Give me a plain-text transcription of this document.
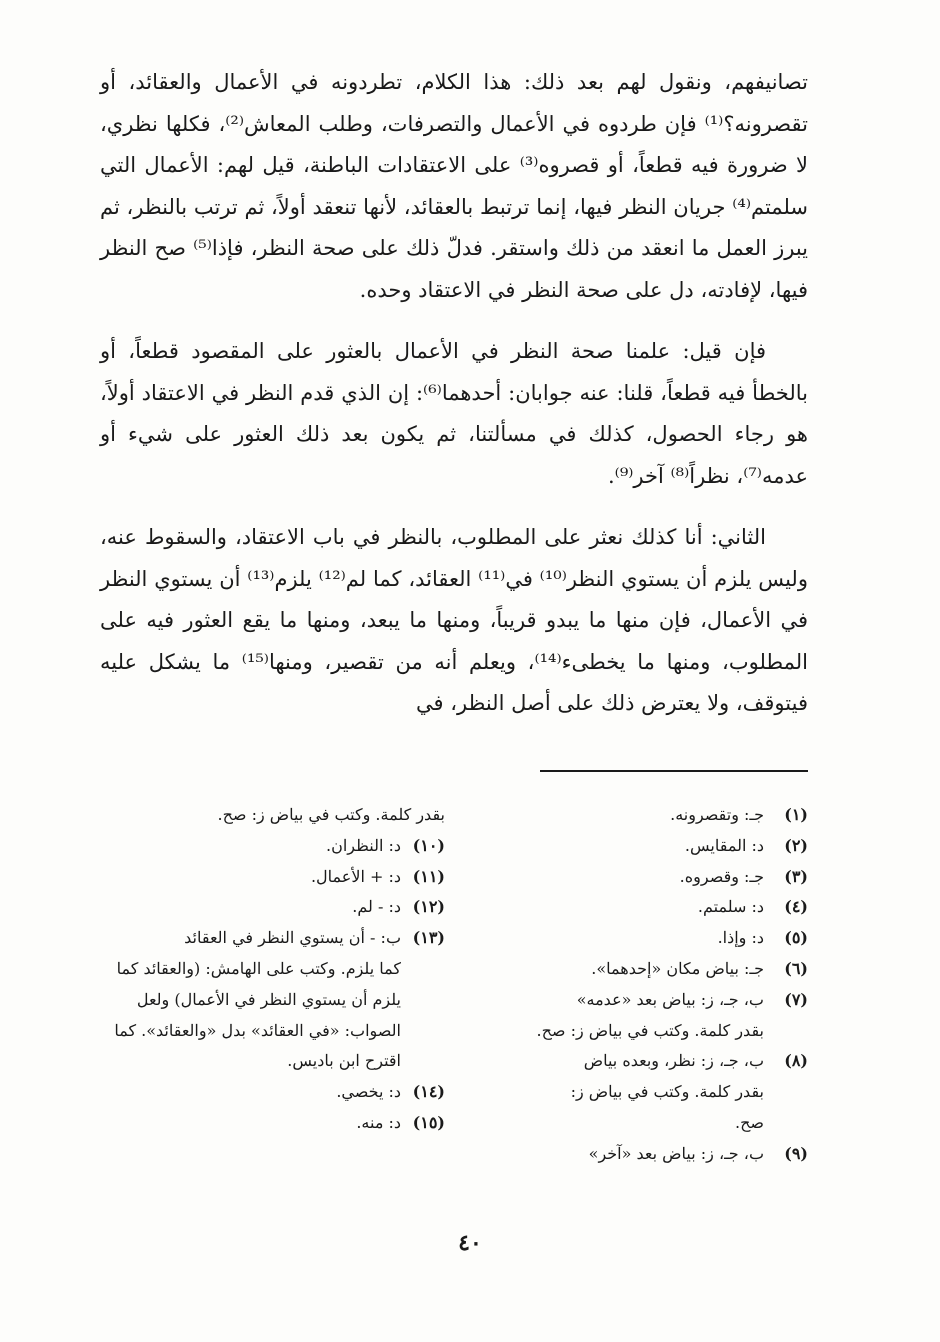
تصانيفهم، ونقول لهم بعد ذلك: هذا الكلام، تطردونه في الأعمال والعقائد، أو تقصرونه؟⁽¹⁾ فإن طردوه في الأعمال والتصرفات، وطلب المعاش⁽²⁾، فكلها نظري، لا ضرورة فيه قطعاً، أو قصروه⁽³⁾ على الاعتقادات الباطنة، قيل لهم: الأعمال التي سلمتم⁽⁴⁾ جريان النظر فيها، إنما ترتبط بالعقائد، لأنها تنعقد أولاً، ثم ترتب بالنظر، ثم يبرز العمل ما انعقد من ذلك واستقر. فدلّ ذلك على صحة النظر، فإذا⁽⁵⁾ صح النظر فيها، لإفادته، دل على صحة النظر في الاعتقاد وحده.

فإن قيل: علمنا صحة النظر في الأعمال بالعثور على المقصود قطعاً، أو بالخطأ فيه قطعاً، قلنا: عنه جوابان: أحدهما⁽⁶⁾: إن الذي قدم النظر في الاعتقاد أولاً، هو رجاء الحصول، كذلك في مسألتنا، ثم يكون بعد ذلك العثور على شيء أو عدمه⁽⁷⁾، نظراً⁽⁸⁾ آخر⁽⁹⁾.

الثاني: أنا كذلك نعثر على المطلوب، بالنظر في باب الاعتقاد، والسقوط عنه، وليس يلزم أن يستوي النظر⁽¹⁰⁾ في⁽¹¹⁾ العقائد، كما لم⁽¹²⁾ يلزم⁽¹³⁾ أن يستوي النظر في الأعمال، فإن منها ما يبدو قريباً، ومنها ما يبعد، ومنها ما يقع العثور فيه على المطلوب، ومنها ما يخطىء⁽¹⁴⁾، ويعلم أنه من تقصير، ومنها⁽¹⁵⁾ ما يشكل عليه فيتوقف، ولا يعترض ذلك على أصل النظر، في

(١)
جـ: وتقصرونه.
(٢)
د: المقايس.
(٣)
جـ: وقصروه.
(٤)
د: سلمتم.
(٥)
د: وإذا.
(٦)
جـ: بياض مكان «إحدهما».
(٧)
ب، جـ، ز: بياض بعد «عدمه»
بقدر كلمة. وكتب في بياض ز: صح.
(٨)
ب، جـ، ز: نظر، وبعده بياض
بقدر كلمة. وكتب في بياض ز:
صح.
(٩)
ب، جـ، ز: بياض بعد «آخر»
بقدر كلمة. وكتب في بياض ز: صح.
(١٠)
د: النظران.
(١١)
د: + الأعمال.
(١٢)
د: - لم.
(١٣)
ب: - أن يستوي النظر في العقائد
كما يلزم. وكتب على الهامش: (والعقائد كما يلزم أن يستوي النظر في الأعمال) ولعل الصواب: «في العقائد» بدل «والعقائد». كما اقترح ابن باديس.
(١٤)
د: يخصي.
(١٥)
د: منه.
٤٠
